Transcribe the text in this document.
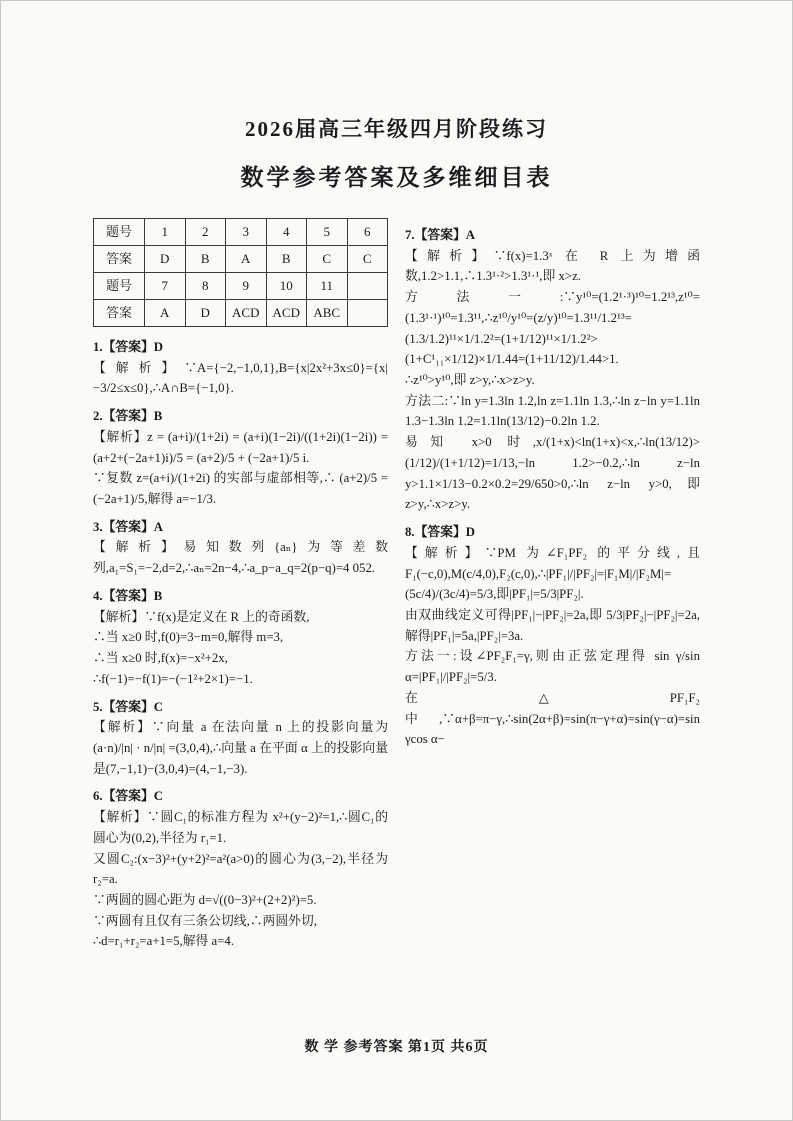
2026届高三年级四月阶段练习
数学参考答案及多维细目表
题号	1	2	3	4	5	6
答案	D	B	A	B	C	C
题号	7	8	9	10	11	
答案	A	D	ACD	ACD	ABC	
1.【答案】D
【解析】∵A={−2,−1,0,1},B={x|2x²+3x≤0}={x|−3/2≤x≤0},∴A∩B={−1,0}.
2.【答案】B
【解析】z = (a+i)/(1+2i) = (a+i)(1−2i)/((1+2i)(1−2i)) = (a+2+(−2a+1)i)/5 = (a+2)/5 + (−2a+1)/5 i.
∵复数 z=(a+i)/(1+2i) 的实部与虚部相等,∴ (a+2)/5 = (−2a+1)/5,解得 a=−1/3.
3.【答案】A
【解析】易知数列{aₙ}为等差数列,a₁=S₁=−2,d=2,∴aₙ=2n−4,∴a_p−a_q=2(p−q)=4 052.
4.【答案】B
【解析】∵f(x)是定义在 R 上的奇函数,
∴当 x≥0 时,f(0)=3−m=0,解得 m=3,
∴当 x≥0 时,f(x)=−x²+2x,
∴f(−1)=−f(1)=−(−1²+2×1)=−1.
5.【答案】C
【解析】∵向量 a 在法向量 n 上的投影向量为 (a·n)/|n| · n/|n| =(3,0,4),∴向量 a 在平面 α 上的投影向量是(7,−1,1)−(3,0,4)=(4,−1,−3).
6.【答案】C
【解析】∵圆C₁的标准方程为 x²+(y−2)²=1,∴圆C₁的圆心为(0,2),半径为 r₁=1.
又圆C₂:(x−3)²+(y+2)²=a²(a>0)的圆心为(3,−2),半径为 r₂=a.
∵两圆的圆心距为 d=√((0−3)²+(2+2)²)=5.
∵两圆有且仅有三条公切线,∴两圆外切,
∴d=r₁+r₂=a+1=5,解得 a=4.
7.【答案】A
【解析】∵f(x)=1.3ˣ 在 R 上为增函数,1.2>1.1,∴1.3¹·²>1.3¹·¹,即 x>z.
方法一:∵y¹⁰=(1.2¹·³)¹⁰=1.2¹³,z¹⁰=(1.3¹·¹)¹⁰=1.3¹¹,∴z¹⁰/y¹⁰=(z/y)¹⁰=1.3¹¹/1.2¹³=(1.3/1.2)¹¹×1/1.2²=(1+1/12)¹¹×1/1.2²>(1+C¹₁₁×1/12)×1/1.44=(1+11/12)/1.44>1.
∴z¹⁰>y¹⁰,即 z>y,∴x>z>y.
方法二:∵ln y=1.3ln 1.2,ln z=1.1ln 1.3,∴ln z−ln y=1.1ln 1.3−1.3ln 1.2=1.1ln(13/12)−0.2ln 1.2.
易知 x>0 时,x/(1+x)<ln(1+x)<x,∴ln(13/12)>(1/12)/(1+1/12)=1/13,−ln 1.2>−0.2,∴ln z−ln y>1.1×1/13−0.2×0.2=29/650>0,∴ln z−ln y>0,即 z>y,∴x>z>y.
8.【答案】D
【解析】∵PM 为∠F₁PF₂ 的平分线,且 F₁(−c,0),M(c/4,0),F₂(c,0),∴|PF₁|/|PF₂|=|F₁M|/|F₂M|=(5c/4)/(3c/4)=5/3,即|PF₁|=5/3|PF₂|.
由双曲线定义可得|PF₁|−|PF₂|=2a,即 5/3|PF₂|−|PF₂|=2a,解得|PF₁|=5a,|PF₂|=3a.
方法一:设∠PF₂F₁=γ,则由正弦定理得 sin γ/sin α=|PF₁|/|PF₂|=5/3.
在△PF₁F₂ 中,∵α+β=π−γ,∴sin(2α+β)=sin(π−γ+α)=sin(γ−α)=sin γcos α−
数 学 参考答案 第1页 共6页
